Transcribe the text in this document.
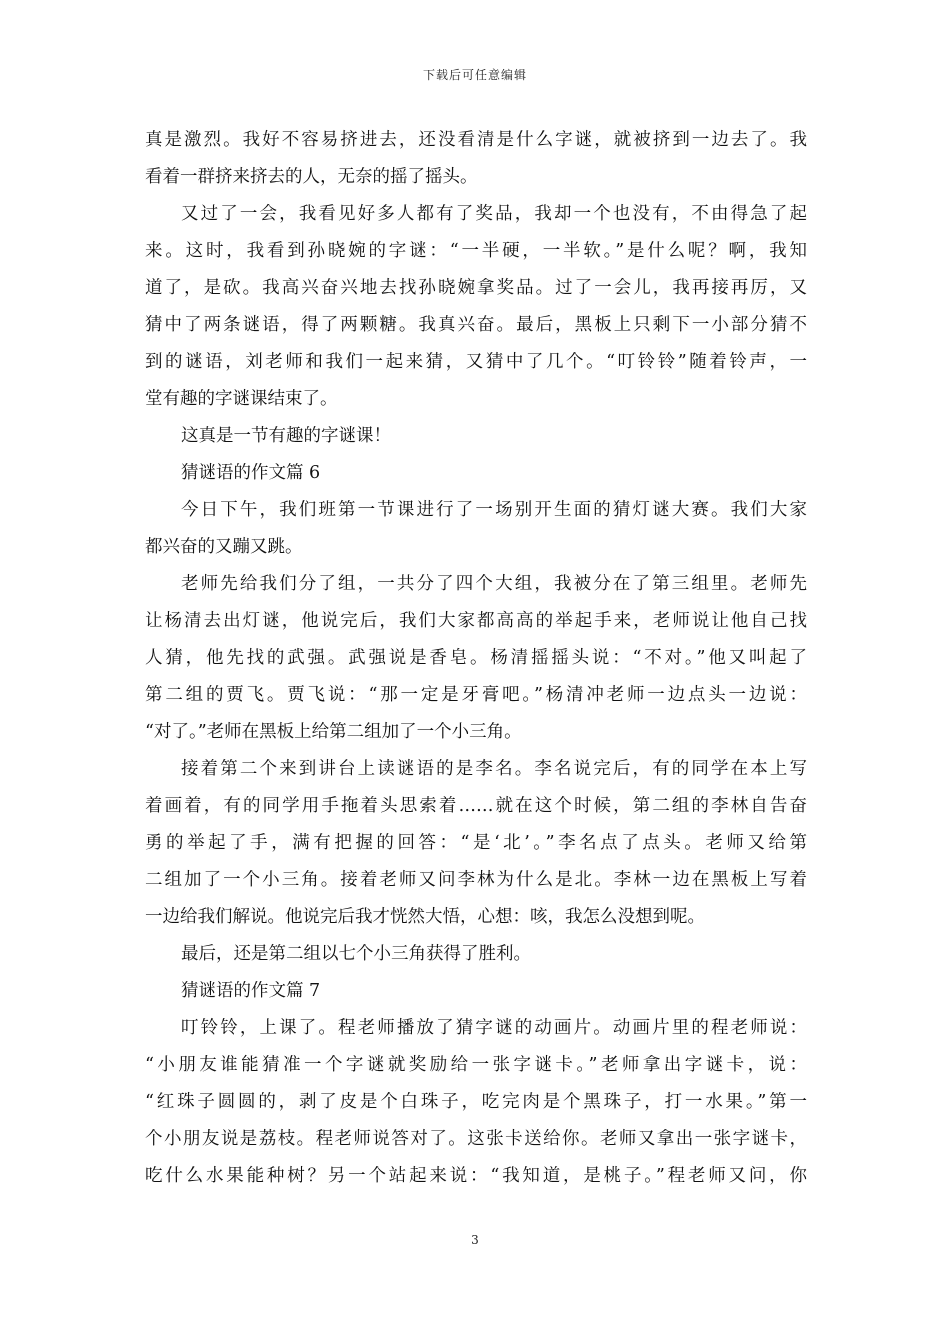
下载后可任意编辑
真是激烈。我好不容易挤进去，还没看清是什么字谜，就被挤到一边去了。我
看着一群挤来挤去的人，无奈的摇了摇头。
又过了一会，我看见好多人都有了奖品，我却一个也没有，不由得急了起
来。这时，我看到孙晓婉的字谜：“一半硬，一半软。”是什么呢？啊，我知
道了，是砍。我高兴奋兴地去找孙晓婉拿奖品。过了一会儿，我再接再厉，又
猜中了两条谜语，得了两颗糖。我真兴奋。最后，黑板上只剩下一小部分猜不
到的谜语，刘老师和我们一起来猜，又猜中了几个。“叮铃铃”随着铃声，一
堂有趣的字谜课结束了。
这真是一节有趣的字谜课！
猜谜语的作文篇 6
今日下午，我们班第一节课进行了一场别开生面的猜灯谜大赛。我们大家
都兴奋的又蹦又跳。
老师先给我们分了组，一共分了四个大组，我被分在了第三组里。老师先
让杨清去出灯谜，他说完后，我们大家都高高的举起手来，老师说让他自己找
人猜，他先找的武强。武强说是香皂。杨清摇摇头说：“不对。”他又叫起了
第二组的贾飞。贾飞说：“那一定是牙膏吧。”杨清冲老师一边点头一边说：
“对了。”老师在黑板上给第二组加了一个小三角。
接着第二个来到讲台上读谜语的是李名。李名说完后，有的同学在本上写
着画着，有的同学用手拖着头思索着……就在这个时候，第二组的李林自告奋
勇的举起了手，满有把握的回答：“是‘北’。”李名点了点头。老师又给第
二组加了一个小三角。接着老师又问李林为什么是北。李林一边在黑板上写着
一边给我们解说。他说完后我才恍然大悟，心想：咳，我怎么没想到呢。
最后，还是第二组以七个小三角获得了胜利。
猜谜语的作文篇 7
叮铃铃，上课了。程老师播放了猜字谜的动画片。动画片里的程老师说：
“小朋友谁能猜准一个字谜就奖励给一张字谜卡。”老师拿出字谜卡，说：
“红珠子圆圆的，剥了皮是个白珠子，吃完肉是个黑珠子，打一水果。”第一
个小朋友说是荔枝。程老师说答对了。这张卡送给你。老师又拿出一张字谜卡，
吃什么水果能种树？另一个站起来说：“我知道，是桃子。”程老师又问，你
3
